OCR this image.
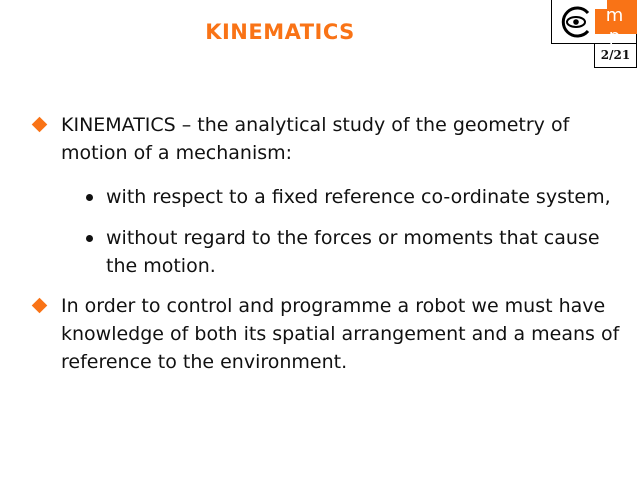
KINEMATICS
m p
2/21
KINEMATICS – the analytical study of the geometry of motion of a mechanism:
with respect to a fixed reference co-ordinate system,
without regard to the forces or moments that cause the motion.
In order to control and programme a robot we must have knowledge of both its spatial arrangement and a means of reference to the environment.
